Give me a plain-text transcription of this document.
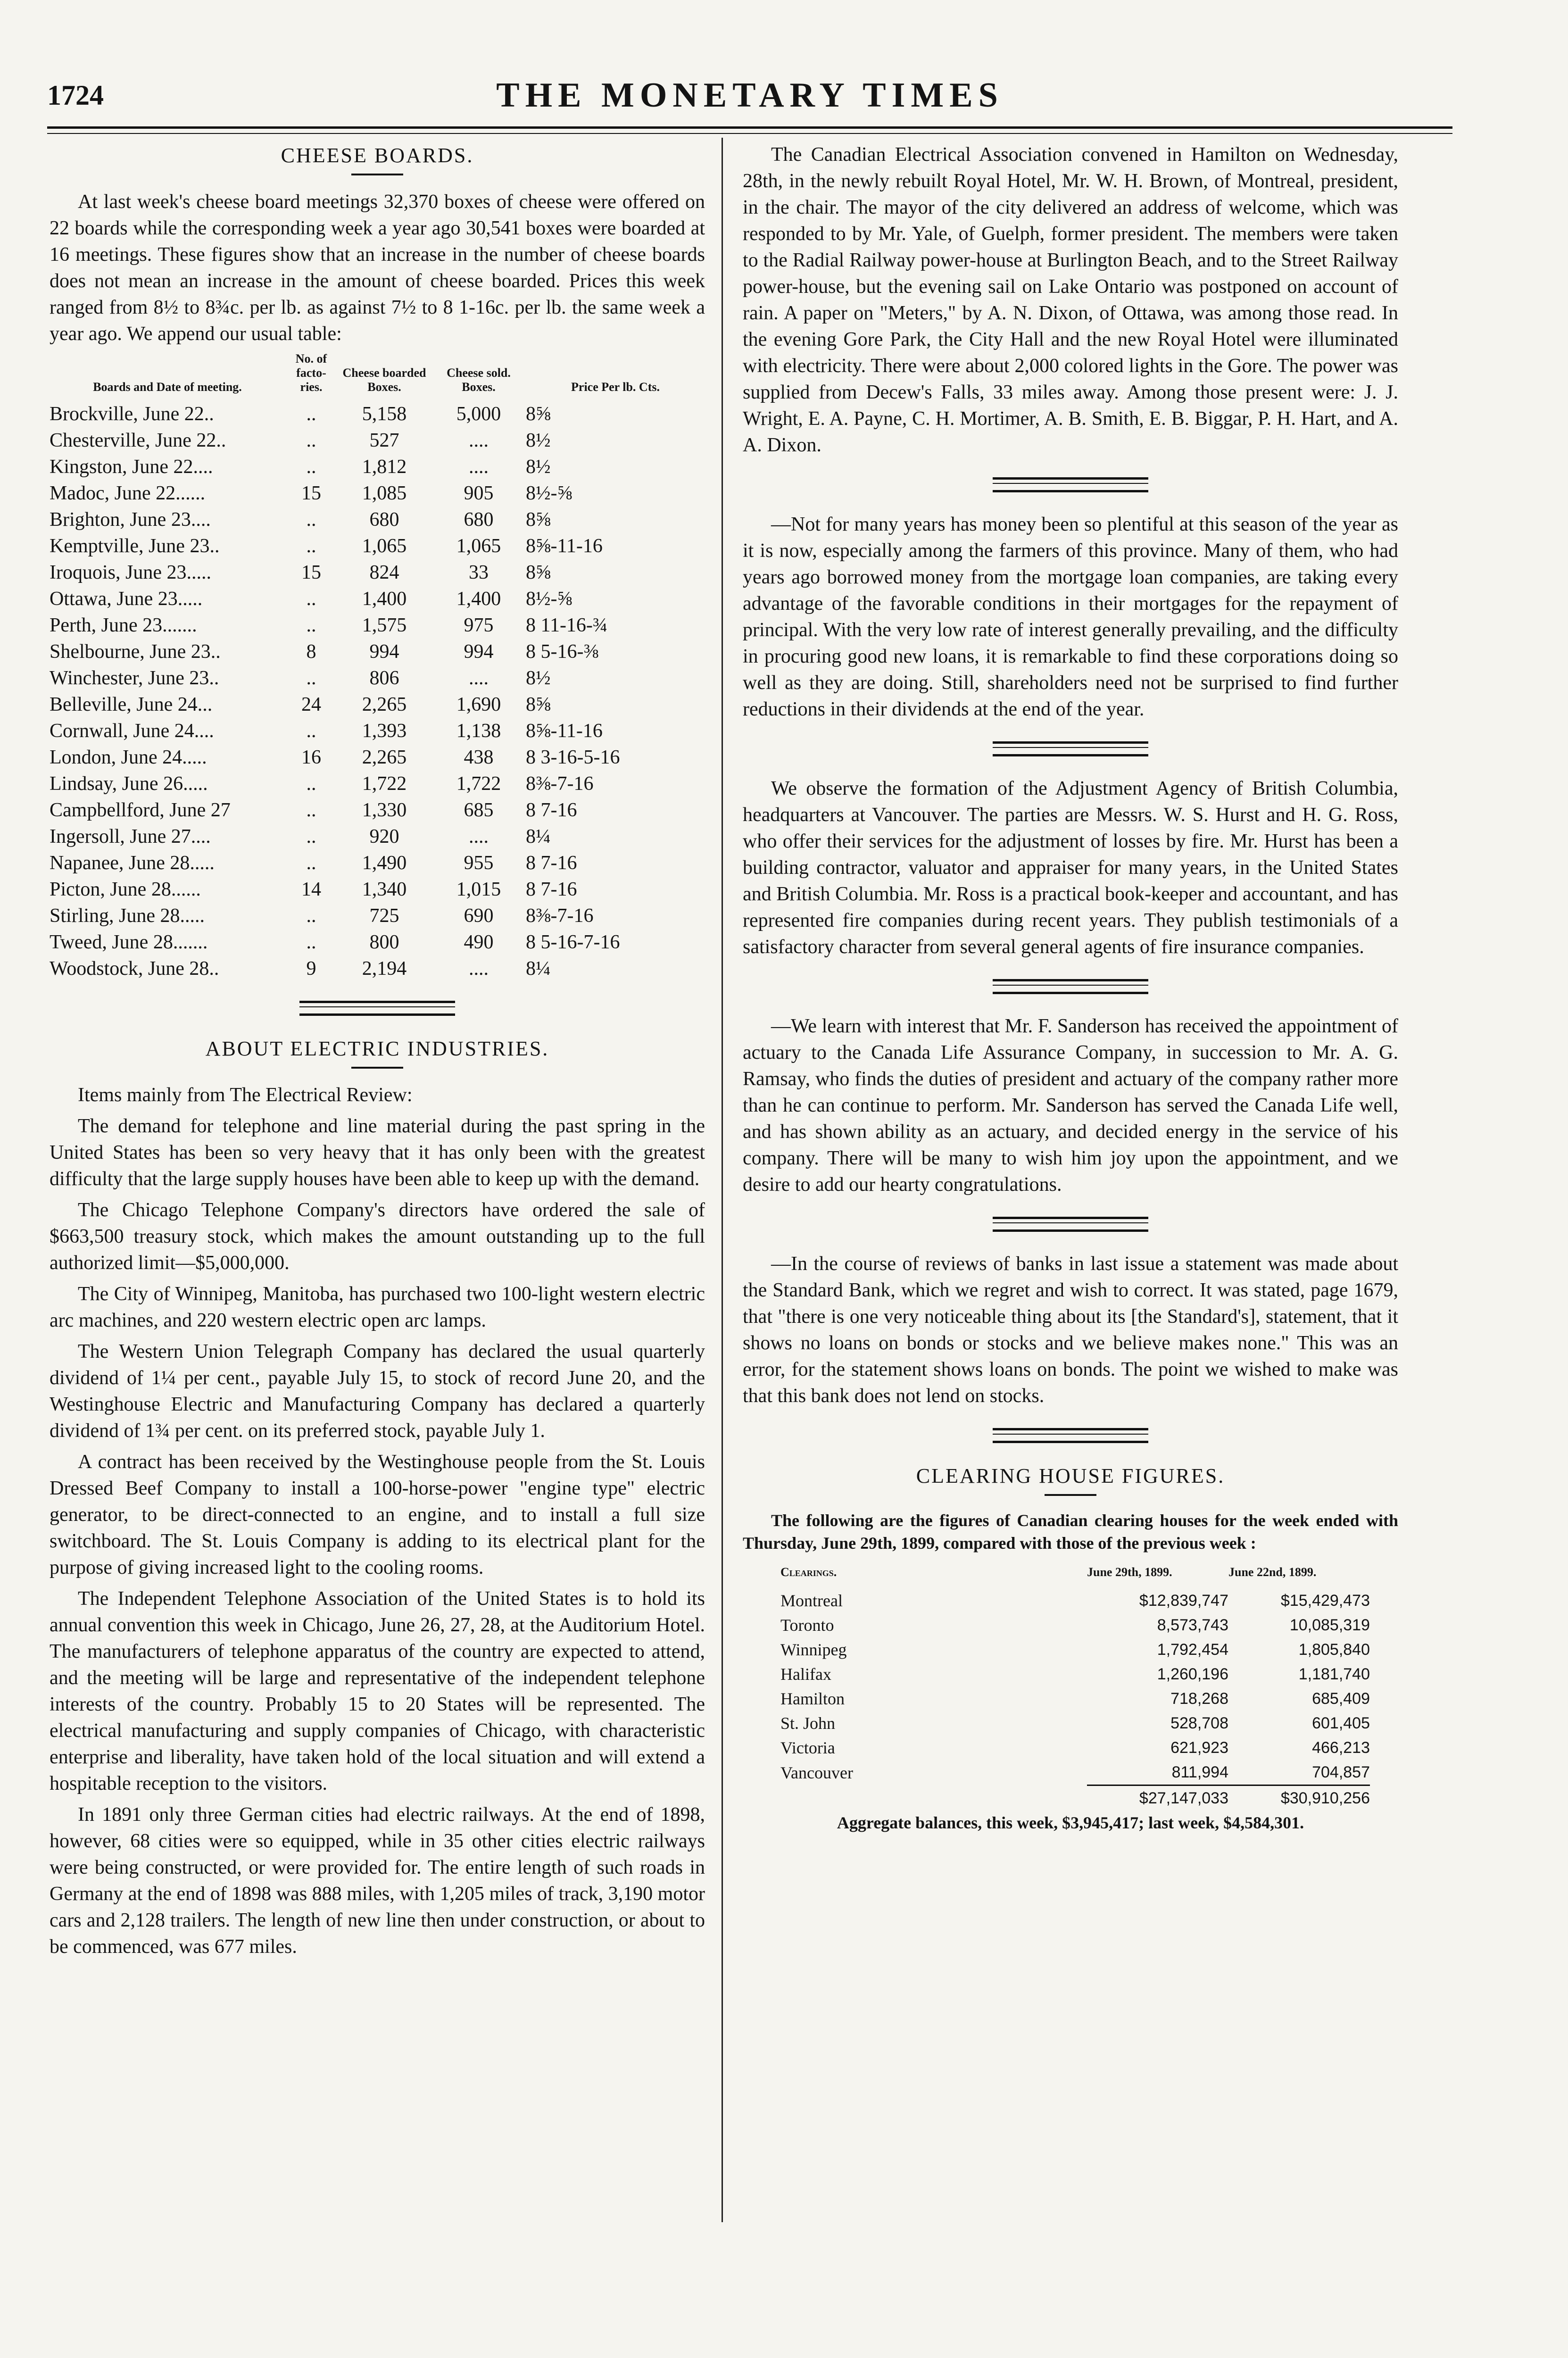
1724	THE MONETARY TIMES
CHEESE BOARDS.

At last week's cheese board meetings 32,370 boxes of cheese were offered on 22 boards while the corresponding week a year ago 30,541 boxes were boarded at 16 meetings. These figures show that an increase in the number of cheese boards does not mean an increase in the amount of cheese boarded. Prices this week ranged from 8½ to 8¾c. per lb. as against 7½ to 8 1-16c. per lb. the same week a year ago. We append our usual table:

Boards and Date of meeting.	No. of facto-ries.	Cheese boarded Boxes.	Cheese sold. Boxes.	Price Per lb. Cts.
Brockville, June 22..	..	5,158	5,000	8⅝
Chesterville, June 22..	..	527	....	8½
Kingston, June 22....	..	1,812	....	8½
Madoc, June 22......	15	1,085	905	8½-⅝
Brighton, June 23....	..	680	680	8⅝
Kemptville, June 23..	..	1,065	1,065	8⅝-11-16
Iroquois, June 23.....	15	824	33	8⅝
Ottawa, June 23.....	..	1,400	1,400	8½-⅝
Perth, June 23.......	..	1,575	975	8 11-16-¾
Shelbourne, June 23..	8	994	994	8 5-16-⅜
Winchester, June 23..	..	806	....	8½
Belleville, June 24...	24	2,265	1,690	8⅝
Cornwall, June 24....	..	1,393	1,138	8⅝-11-16
London, June 24.....	16	2,265	438	8 3-16-5-16
Lindsay, June 26.....	..	1,722	1,722	8⅜-7-16
Campbellford, June 27	..	1,330	685	8 7-16
Ingersoll, June 27....	..	920	....	8¼
Napanee, June 28.....	..	1,490	955	8 7-16
Picton, June 28......	14	1,340	1,015	8 7-16
Stirling, June 28.....	..	725	690	8⅜-7-16
Tweed, June 28.......	..	800	490	8 5-16-7-16
Woodstock, June 28..	9	2,194	....	8¼
ABOUT ELECTRIC INDUSTRIES.

Items mainly from The Electrical Review:

The demand for telephone and line material during the past spring in the United States has been so very heavy that it has only been with the greatest difficulty that the large supply houses have been able to keep up with the demand.

The Chicago Telephone Company's directors have ordered the sale of $663,500 treasury stock, which makes the amount outstanding up to the full authorized limit—$5,000,000.

The City of Winnipeg, Manitoba, has purchased two 100-light western electric arc machines, and 220 western electric open arc lamps.

The Western Union Telegraph Company has declared the usual quarterly dividend of 1¼ per cent., payable July 15, to stock of record June 20, and the Westinghouse Electric and Manufacturing Company has declared a quarterly dividend of 1¾ per cent. on its preferred stock, payable July 1.

A contract has been received by the Westinghouse people from the St. Louis Dressed Beef Company to install a 100-horse-power "engine type" electric generator, to be direct-connected to an engine, and to install a full size switchboard. The St. Louis Company is adding to its electrical plant for the purpose of giving increased light to the cooling rooms.

The Independent Telephone Association of the United States is to hold its annual convention this week in Chicago, June 26, 27, 28, at the Auditorium Hotel. The manufacturers of telephone apparatus of the country are expected to attend, and the meeting will be large and representative of the independent telephone interests of the country. Probably 15 to 20 States will be represented. The electrical manufacturing and supply companies of Chicago, with characteristic enterprise and liberality, have taken hold of the local situation and will extend a hospitable reception to the visitors.

In 1891 only three German cities had electric railways. At the end of 1898, however, 68 cities were so equipped, while in 35 other cities electric railways were being constructed, or were provided for. The entire length of such roads in Germany at the end of 1898 was 888 miles, with 1,205 miles of track, 3,190 motor cars and 2,128 trailers. The length of new line then under construction, or about to be commenced, was 677 miles.

The Canadian Electrical Association convened in Hamilton on Wednesday, 28th, in the newly rebuilt Royal Hotel, Mr. W. H. Brown, of Montreal, president, in the chair. The mayor of the city delivered an address of welcome, which was responded to by Mr. Yale, of Guelph, former president. The members were taken to the Radial Railway power-house at Burlington Beach, and to the Street Railway power-house, but the evening sail on Lake Ontario was postponed on account of rain. A paper on "Meters," by A. N. Dixon, of Ottawa, was among those read. In the evening Gore Park, the City Hall and the new Royal Hotel were illuminated with electricity. There were about 2,000 colored lights in the Gore. The power was supplied from Decew's Falls, 33 miles away. Among those present were: J. J. Wright, E. A. Payne, C. H. Mortimer, A. B. Smith, E. B. Biggar, P. H. Hart, and A. A. Dixon.

—Not for many years has money been so plentiful at this season of the year as it is now, especially among the farmers of this province. Many of them, who had years ago borrowed money from the mortgage loan companies, are taking every advantage of the favorable conditions in their mortgages for the repayment of principal. With the very low rate of interest generally prevailing, and the difficulty in procuring good new loans, it is remarkable to find these corporations doing so well as they are doing. Still, shareholders need not be surprised to find further reductions in their dividends at the end of the year.

We observe the formation of the Adjustment Agency of British Columbia, headquarters at Vancouver. The parties are Messrs. W. S. Hurst and H. G. Ross, who offer their services for the adjustment of losses by fire. Mr. Hurst has been a building contractor, valuator and appraiser for many years, in the United States and British Columbia. Mr. Ross is a practical book-keeper and accountant, and has represented fire companies during recent years. They publish testimonials of a satisfactory character from several general agents of fire insurance companies.

—We learn with interest that Mr. F. Sanderson has received the appointment of actuary to the Canada Life Assurance Company, in succession to Mr. A. G. Ramsay, who finds the duties of president and actuary of the company rather more than he can continue to perform. Mr. Sanderson has served the Canada Life well, and has shown ability as an actuary, and decided energy in the service of his company. There will be many to wish him joy upon the appointment, and we desire to add our hearty congratulations.

—In the course of reviews of banks in last issue a statement was made about the Standard Bank, which we regret and wish to correct. It was stated, page 1679, that "there is one very noticeable thing about its [the Standard's], statement, that it shows no loans on bonds or stocks and we believe makes none." This was an error, for the statement shows loans on bonds. The point we wished to make was that this bank does not lend on stocks.

CLEARING HOUSE FIGURES.

The following are the figures of Canadian clearing houses for the week ended with Thursday, June 29th, 1899, compared with those of the previous week :

Clearings.	June 29th, 1899.	June 22nd, 1899.
Montreal	$12,839,747	$15,429,473
Toronto	8,573,743	10,085,319
Winnipeg	1,792,454	1,805,840
Halifax	1,260,196	1,181,740
Hamilton	718,268	685,409
St. John	528,708	601,405
Victoria	621,923	466,213
Vancouver	811,994	704,857
	$27,147,033	$30,910,256
Aggregate balances, this week, $3,945,417; last week, $4,584,301.
